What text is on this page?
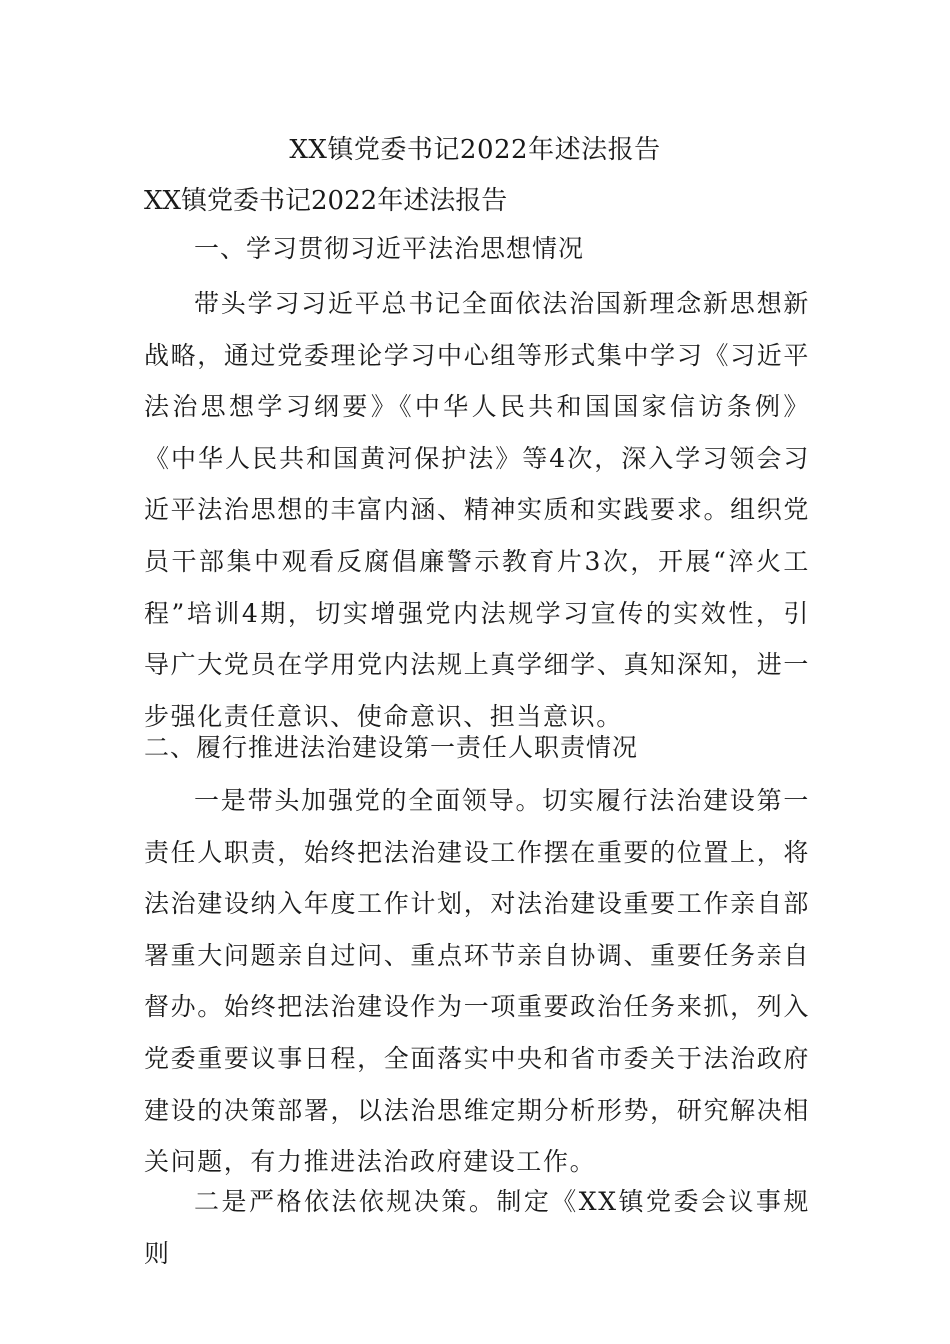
XX镇党委书记2022年述法报告
XX镇党委书记2022年述法报告
一、学习贯彻习近平法治思想情况

带头学习习近平总书记全面依法治国新理念新思想新战略，通过党委理论学习中心组等形式集中学习《习近平法治思想学习纲要》《中华人民共和国国家信访条例》《中华人民共和国黄河保护法》等4次，深入学习领会习近平法治思想的丰富内涵、精神实质和实践要求。组织党员干部集中观看反腐倡廉警示教育片3次，开展“淬火工程”培训4期，切实增强党内法规学习宣传的实效性，引导广大党员在学用党内法规上真学细学、真知深知，进一步强化责任意识、使命意识、担当意识。

二、履行推进法治建设第一责任人职责情况

一是带头加强党的全面领导。切实履行法治建设第一责任人职责，始终把法治建设工作摆在重要的位置上，将法治建设纳入年度工作计划，对法治建设重要工作亲自部署重大问题亲自过问、重点环节亲自协调、重要任务亲自督办。始终把法治建设作为一项重要政治任务来抓，列入党委重要议事日程，全面落实中央和省市委关于法治政府建设的决策部署，以法治思维定期分析形势，研究解决相关问题，有力推进法治政府建设工作。

二是严格依法依规决策。制定《XX镇党委会议事规则
